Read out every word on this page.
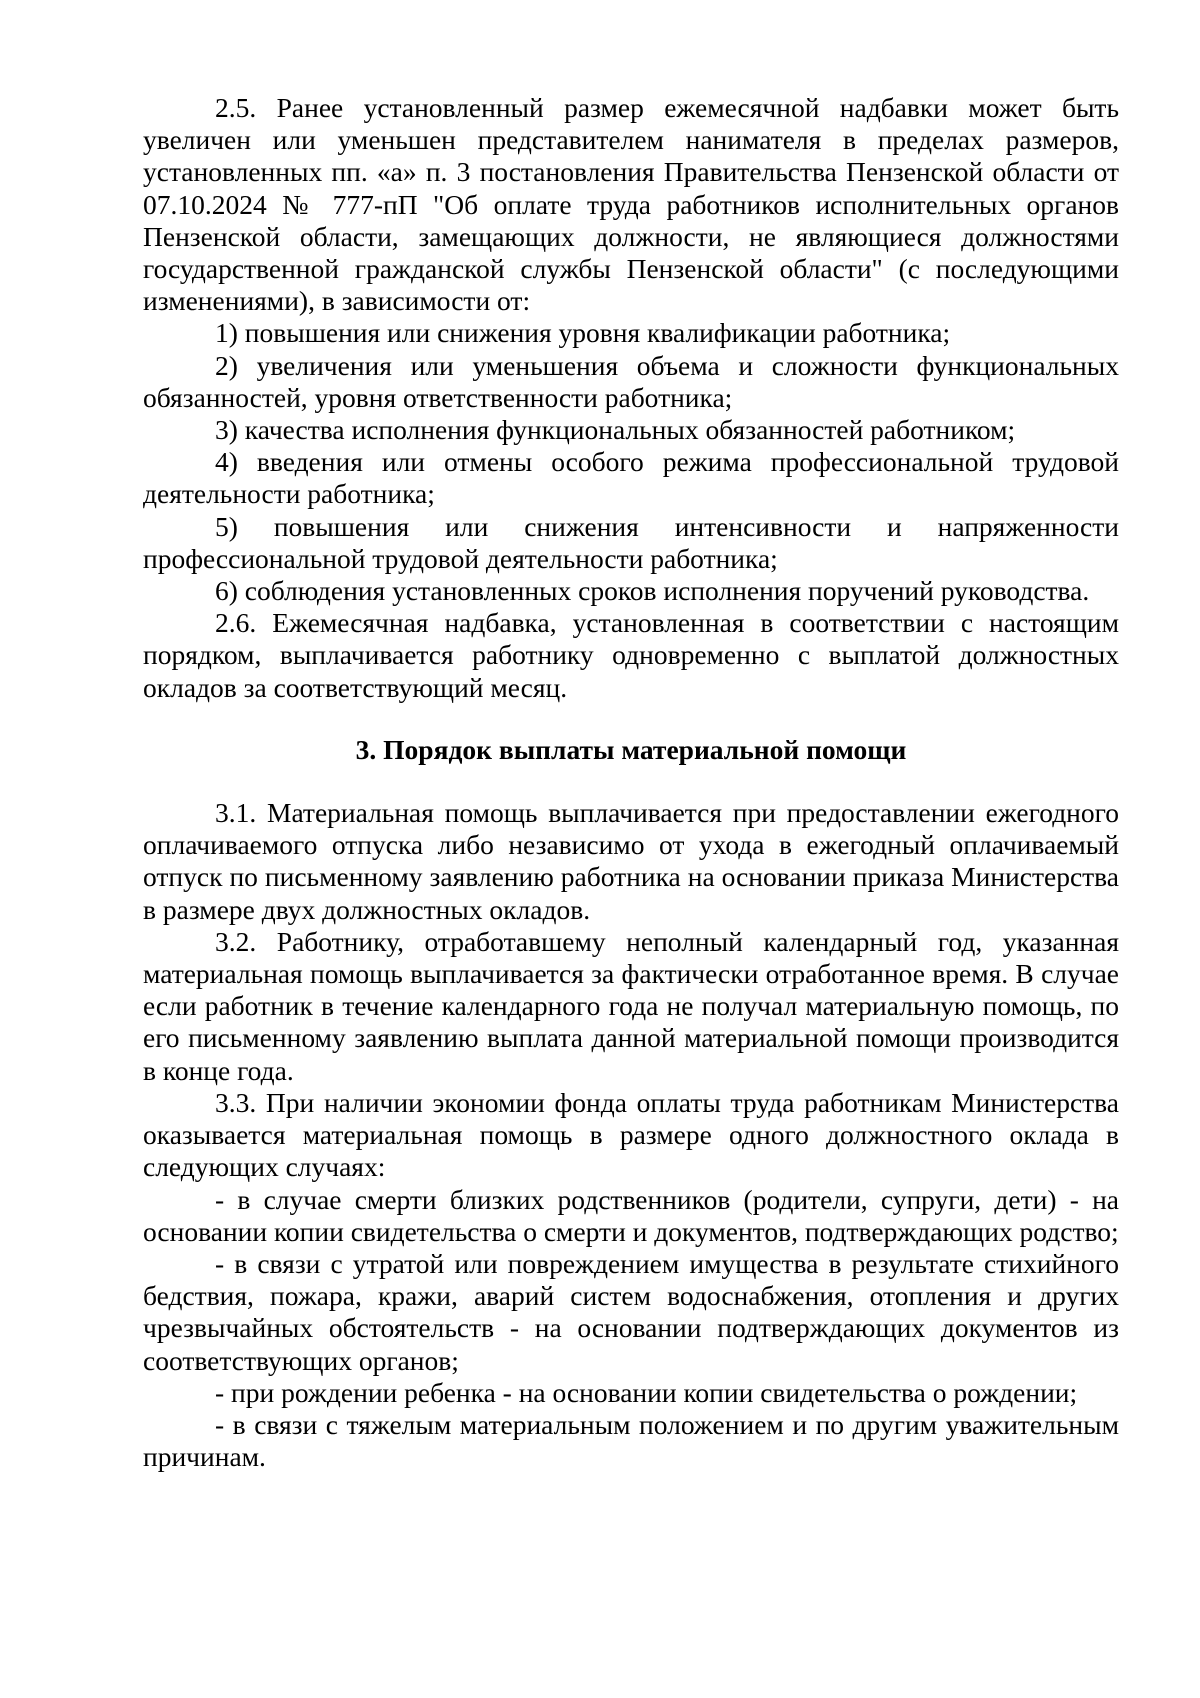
2.5. Ранее установленный размер ежемесячной надбавки может быть увеличен или уменьшен представителем нанимателя в пределах размеров, установленных пп. «а» п. 3 постановления Правительства Пензенской области от 07.10.2024 № 777-пП "Об оплате труда работников исполнительных органов Пензенской области, замещающих должности, не являющиеся должностями государственной гражданской службы Пензенской области" (с последующими изменениями), в зависимости от:

1) повышения или снижения уровня квалификации работника;

2) увеличения или уменьшения объема и сложности функциональных обязанностей, уровня ответственности работника;

3) качества исполнения функциональных обязанностей работником;

4) введения или отмены особого режима профессиональной трудовой деятельности работника;

5) повышения или снижения интенсивности и напряженности профессиональной трудовой деятельности работника;

6) соблюдения установленных сроков исполнения поручений руководства.

2.6. Ежемесячная надбавка, установленная в соответствии с настоящим порядком, выплачивается работнику одновременно с выплатой должностных окладов за соответствующий месяц.

3. Порядок выплаты материальной помощи

3.1. Материальная помощь выплачивается при предоставлении ежегодного оплачиваемого отпуска либо независимо от ухода в ежегодный оплачиваемый отпуск по письменному заявлению работника на основании приказа Министерства в размере двух должностных окладов.

3.2. Работнику, отработавшему неполный календарный год, указанная материальная помощь выплачивается за фактически отработанное время. В случае если работник в течение календарного года не получал материальную помощь, по его письменному заявлению выплата данной материальной помощи производится в конце года.

3.3. При наличии экономии фонда оплаты труда работникам Министерства оказывается материальная помощь в размере одного должностного оклада в следующих случаях:

- в случае смерти близких родственников (родители, супруги, дети) - на основании копии свидетельства о смерти и документов, подтверждающих родство;

- в связи с утратой или повреждением имущества в результате стихийного бедствия, пожара, кражи, аварий систем водоснабжения, отопления и других чрезвычайных обстоятельств - на основании подтверждающих документов из соответствующих органов;

- при рождении ребенка - на основании копии свидетельства о рождении;

- в связи с тяжелым материальным положением и по другим уважительным причинам.
